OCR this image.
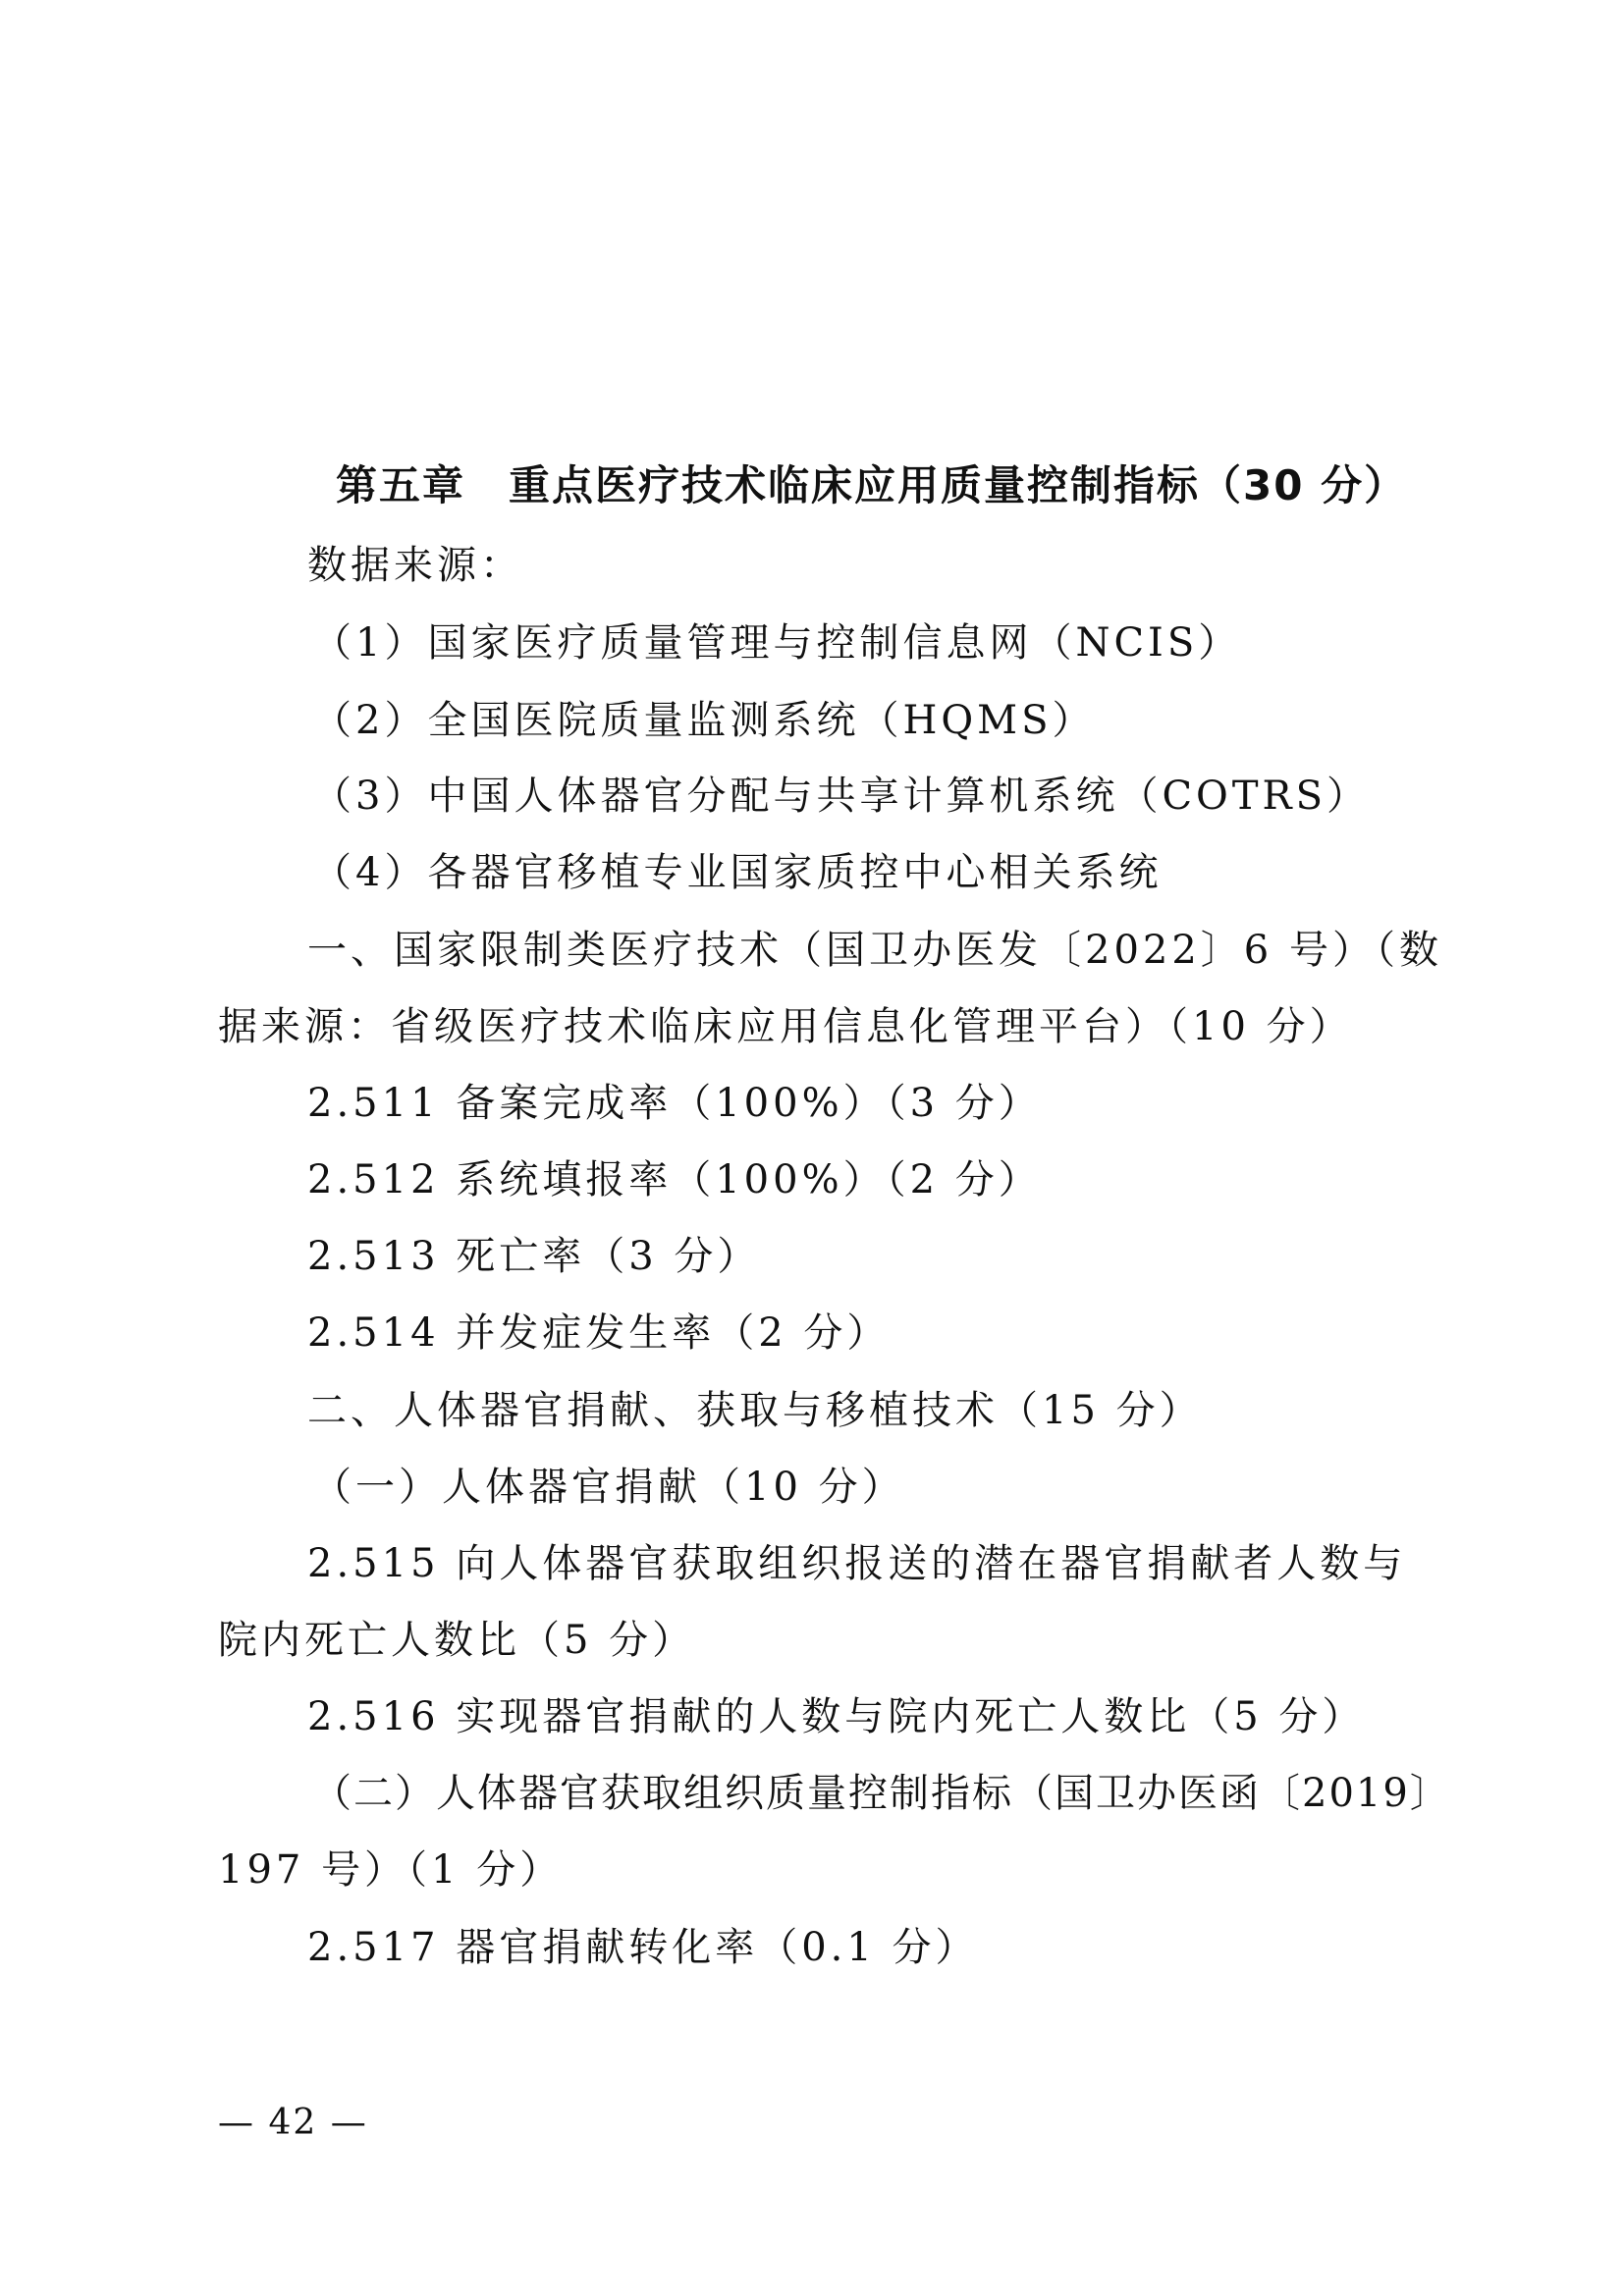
第五章　重点医疗技术临床应用质量控制指标（30 分）
数据来源：
（1）国家医疗质量管理与控制信息网（NCIS）
（2）全国医院质量监测系统（HQMS）
（3）中国人体器官分配与共享计算机系统（COTRS）
（4）各器官移植专业国家质控中心相关系统
一、国家限制类医疗技术（国卫办医发〔2022〕6 号）（数
据来源：省级医疗技术临床应用信息化管理平台）（10 分）
2.511 备案完成率（100%）（3 分）
2.512 系统填报率（100%）（2 分）
2.513 死亡率（3 分）
2.514 并发症发生率（2 分）
二、人体器官捐献、获取与移植技术（15 分）
（一）人体器官捐献（10 分）
2.515 向人体器官获取组织报送的潜在器官捐献者人数与
院内死亡人数比（5 分）
2.516 实现器官捐献的人数与院内死亡人数比（5 分）
（二）人体器官获取组织质量控制指标（国卫办医函〔2019〕
197 号）（1 分）
2.517 器官捐献转化率（0.1 分）
— 42 —
